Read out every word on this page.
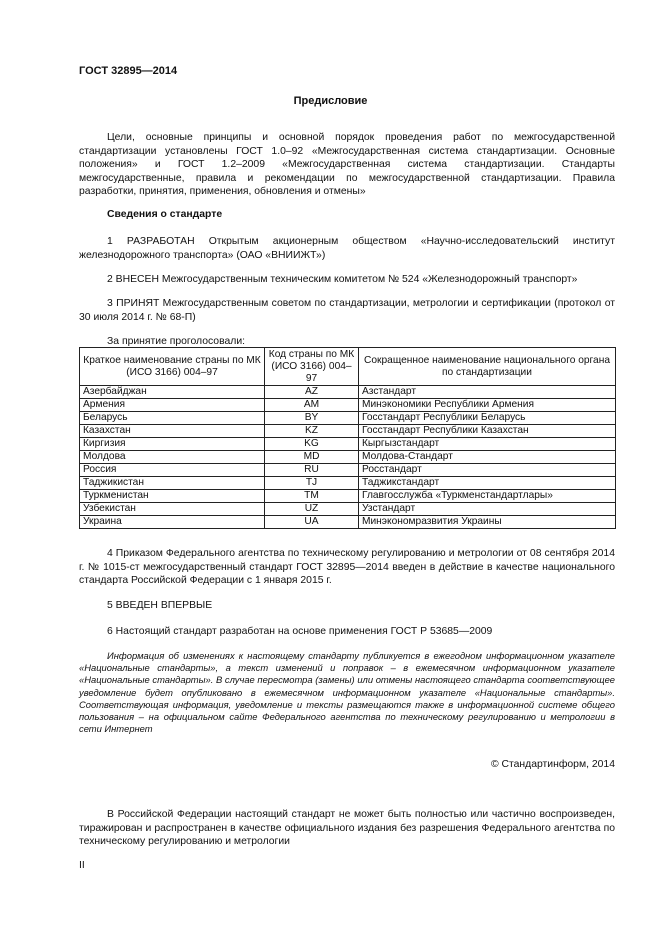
ГОСТ 32895—2014
Предисловие

Цели, основные принципы и основной порядок проведения работ по межгосударственной стандартизации установлены ГОСТ 1.0–92 «Межгосударственная система стандартизации. Основные положения» и ГОСТ 1.2–2009 «Межгосударственная система стандартизации. Стандарты межгосударственные, правила и рекомендации по межгосударственной стандартизации. Правила разработки, принятия, применения, обновления и отмены»

Сведения о стандарте

1 РАЗРАБОТАН Открытым акционерным обществом «Научно-исследовательский институт железнодорожного транспорта» (ОАО «ВНИИЖТ»)

2 ВНЕСЕН Межгосударственным техническим комитетом № 524 «Железнодорожный транспорт»

3 ПРИНЯТ Межгосударственным советом по стандартизации, метрологии и сертификации (протокол от 30 июля 2014 г. № 68-П)

За принятие проголосовали:
Краткое наименование страны по МК (ИСО 3166) 004–97	Код страны по МК (ИСО 3166) 004–97	Сокращенное наименование национального органа по стандартизации
Азербайджан	AZ	Азстандарт
Армения	AM	Минэкономики Республики Армения
Беларусь	BY	Госстандарт Республики Беларусь
Казахстан	KZ	Госстандарт Республики Казахстан
Киргизия	KG	Кыргызстандарт
Молдова	MD	Молдова-Стандарт
Россия	RU	Росстандарт
Таджикистан	TJ	Таджикстандарт
Туркменистан	TM	Главгосслужба «Туркменстандартлары»
Узбекистан	UZ	Узстандарт
Украина	UA	Минэкономразвития Украины

4 Приказом Федерального агентства по техническому регулированию и метрологии от 08 сентября 2014 г. № 1015-ст межгосударственный стандарт ГОСТ 32895—2014 введен в действие в качестве национального стандарта Российской Федерации с 1 января 2015 г.

5 ВВЕДЕН ВПЕРВЫЕ

6 Настоящий стандарт разработан на основе применения ГОСТ Р 53685—2009

Информация об изменениях к настоящему стандарту публикуется в ежегодном информационном указателе «Национальные стандарты», а текст изменений и поправок – в ежемесячном информационном указателе «Национальные стандарты». В случае пересмотра (замены) или отмены настоящего стандарта соответствующее уведомление будет опубликовано в ежемесячном информационном указателе «Национальные стандарты». Соответствующая информация, уведомление и тексты размещаются также в информационной системе общего пользования – на официальном сайте Федерального агентства по техническому регулированию и метрологии в сети Интернет

© Стандартинформ, 2014

В Российской Федерации настоящий стандарт не может быть полностью или частично воспроизведен, тиражирован и распространен в качестве официального издания без разрешения Федерального агентства по техническому регулированию и метрологии

II
